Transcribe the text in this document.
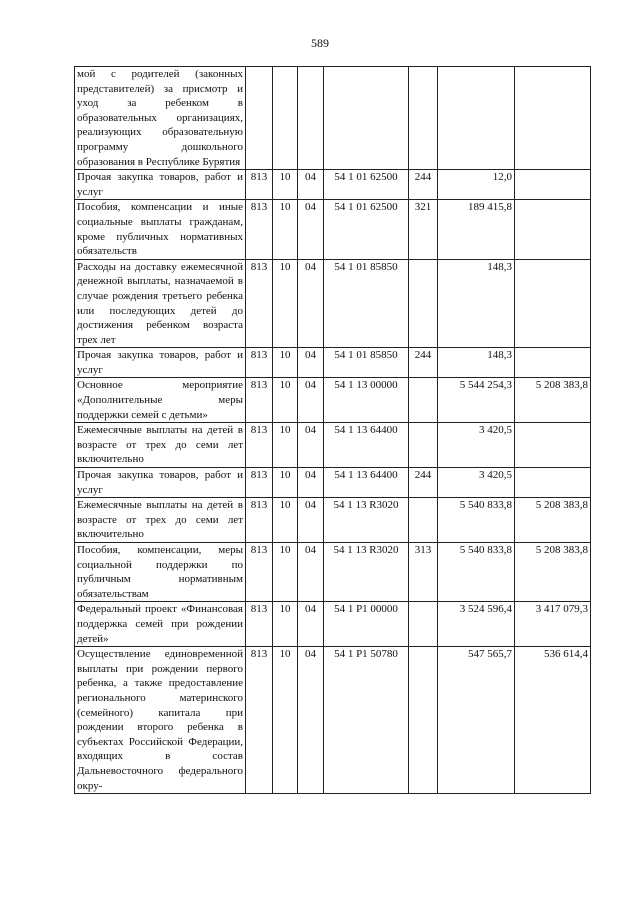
589
мой с родителей (законных представителей) за присмотр и уход за ребенком в образовательных организациях, реализующих образовательную программу дошкольного образования в Республике Бурятия							
Прочая закупка товаров, работ и услуг	813	10	04	54 1 01 62500	244	12,0	
Пособия, компенсации и иные социальные выплаты гражданам, кроме публичных нормативных обязательств	813	10	04	54 1 01 62500	321	189 415,8	
Расходы на доставку ежемесячной денежной выплаты, назначаемой в случае рождения третьего ребенка или последующих детей до достижения ребенком возраста трех лет	813	10	04	54 1 01 85850		148,3	
Прочая закупка товаров, работ и услуг	813	10	04	54 1 01 85850	244	148,3	
Основное мероприятие «Дополнительные меры поддержки семей с детьми»	813	10	04	54 1 13 00000		5 544 254,3	5 208 383,8
Ежемесячные выплаты на детей в возрасте от трех до семи лет включительно	813	10	04	54 1 13 64400		3 420,5	
Прочая закупка товаров, работ и услуг	813	10	04	54 1 13 64400	244	3 420,5	
Ежемесячные выплаты на детей в возрасте от трех до семи лет включительно	813	10	04	54 1 13 R3020		5 540 833,8	5 208 383,8
Пособия, компенсации, меры социальной поддержки по публичным нормативным обязательствам	813	10	04	54 1 13 R3020	313	5 540 833,8	5 208 383,8
Федеральный проект «Финансовая поддержка семей при рождении детей»	813	10	04	54 1 P1 00000		3 524 596,4	3 417 079,3
Осуществление единовременной выплаты при рождении первого ребенка, а также предоставление регионального материнского (семейного) капитала при рождении второго ребенка в субъектах Российской Федерации, входящих в состав Дальневосточного федерального окру-	813	10	04	54 1 P1 50780		547 565,7	536 614,4
